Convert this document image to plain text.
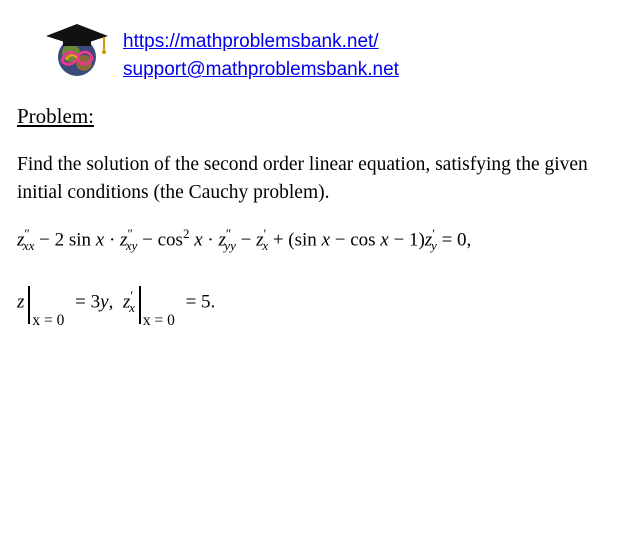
https://mathproblemsbank.net/
support@mathproblemsbank.net
Problem:
Find the solution of the second order linear equation, satisfying the given initial conditions (the Cauchy problem).
$z''_{xx} - 2$ $\sin x \cdot z''_{xy} - \cos^2 x \cdot z''_{yy} - z'_x + (\sin$ $x - \cos x - 1)z'_y = 0$,
zx = 0 = 3y, $z'_xx = 0 = 5$.
